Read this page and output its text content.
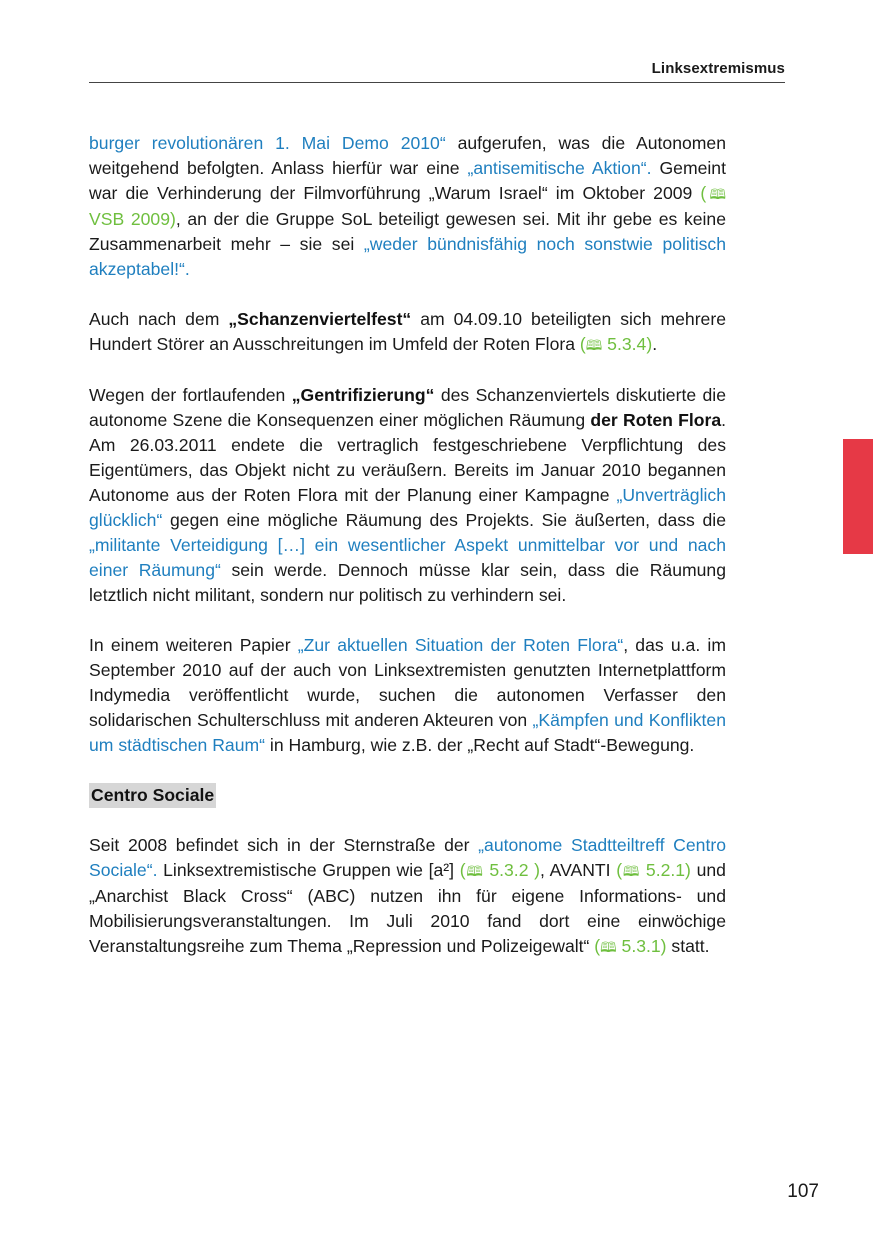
Linksextremismus

burger revolutionären 1. Mai Demo 2010“ aufgerufen, was die Autonomen weitgehend befolgten. Anlass hierfür war eine „antisemitische Aktion“. Gemeint war die Verhinderung der Filmvorführung „Warum Israel“ im Oktober 2009 (🕮 VSB 2009), an der die Gruppe SoL beteiligt gewesen sei. Mit ihr gebe es keine Zusammenarbeit mehr – sie sei „weder bündnisfähig noch sonstwie politisch akzeptabel!“.

Auch nach dem „Schanzenviertelfest“ am 04.09.10 beteiligten sich mehrere Hundert Störer an Ausschreitungen im Umfeld der Roten Flora (🕮 5.3.4).

Wegen der fortlaufenden „Gentrifizierung“ des Schanzenviertels diskutierte die autonome Szene die Konsequenzen einer möglichen Räumung der Roten Flora. Am 26.03.2011 endete die vertraglich festgeschriebene Verpflichtung des Eigentümers, das Objekt nicht zu veräußern. Bereits im Januar 2010 begannen Autonome aus der Roten Flora mit der Planung einer Kampagne „Unverträglich glücklich“ gegen eine mögliche Räumung des Projekts. Sie äußerten, dass die „militante Verteidigung […] ein wesentlicher Aspekt unmittelbar vor und nach einer Räumung“ sein werde. Dennoch müsse klar sein, dass die Räumung letztlich nicht militant, sondern nur politisch zu verhindern sei.

In einem weiteren Papier „Zur aktuellen Situation der Roten Flora“, das u.a. im September 2010 auf der auch von Linksextremisten genutzten Internetplattform Indymedia veröffentlicht wurde, suchen die autonomen Verfasser den solidarischen Schulterschluss mit anderen Akteuren von „Kämpfen und Konflikten um städtischen Raum“ in Hamburg, wie z.B. der „Recht auf Stadt“-Bewegung.

Centro Sociale

Seit 2008 befindet sich in der Sternstraße der „autonome Stadtteiltreff Centro Sociale“. Linksextremistische Gruppen wie [a²] (🕮 5.3.2 ), AVANTI (🕮 5.2.1) und „Anarchist Black Cross“ (ABC) nutzen ihn für eigene Informations- und Mobilisierungsveranstaltungen. Im Juli 2010 fand dort eine einwöchige Veranstaltungsreihe zum Thema „Repression und Polizeigewalt“ (🕮 5.3.1) statt.

107
